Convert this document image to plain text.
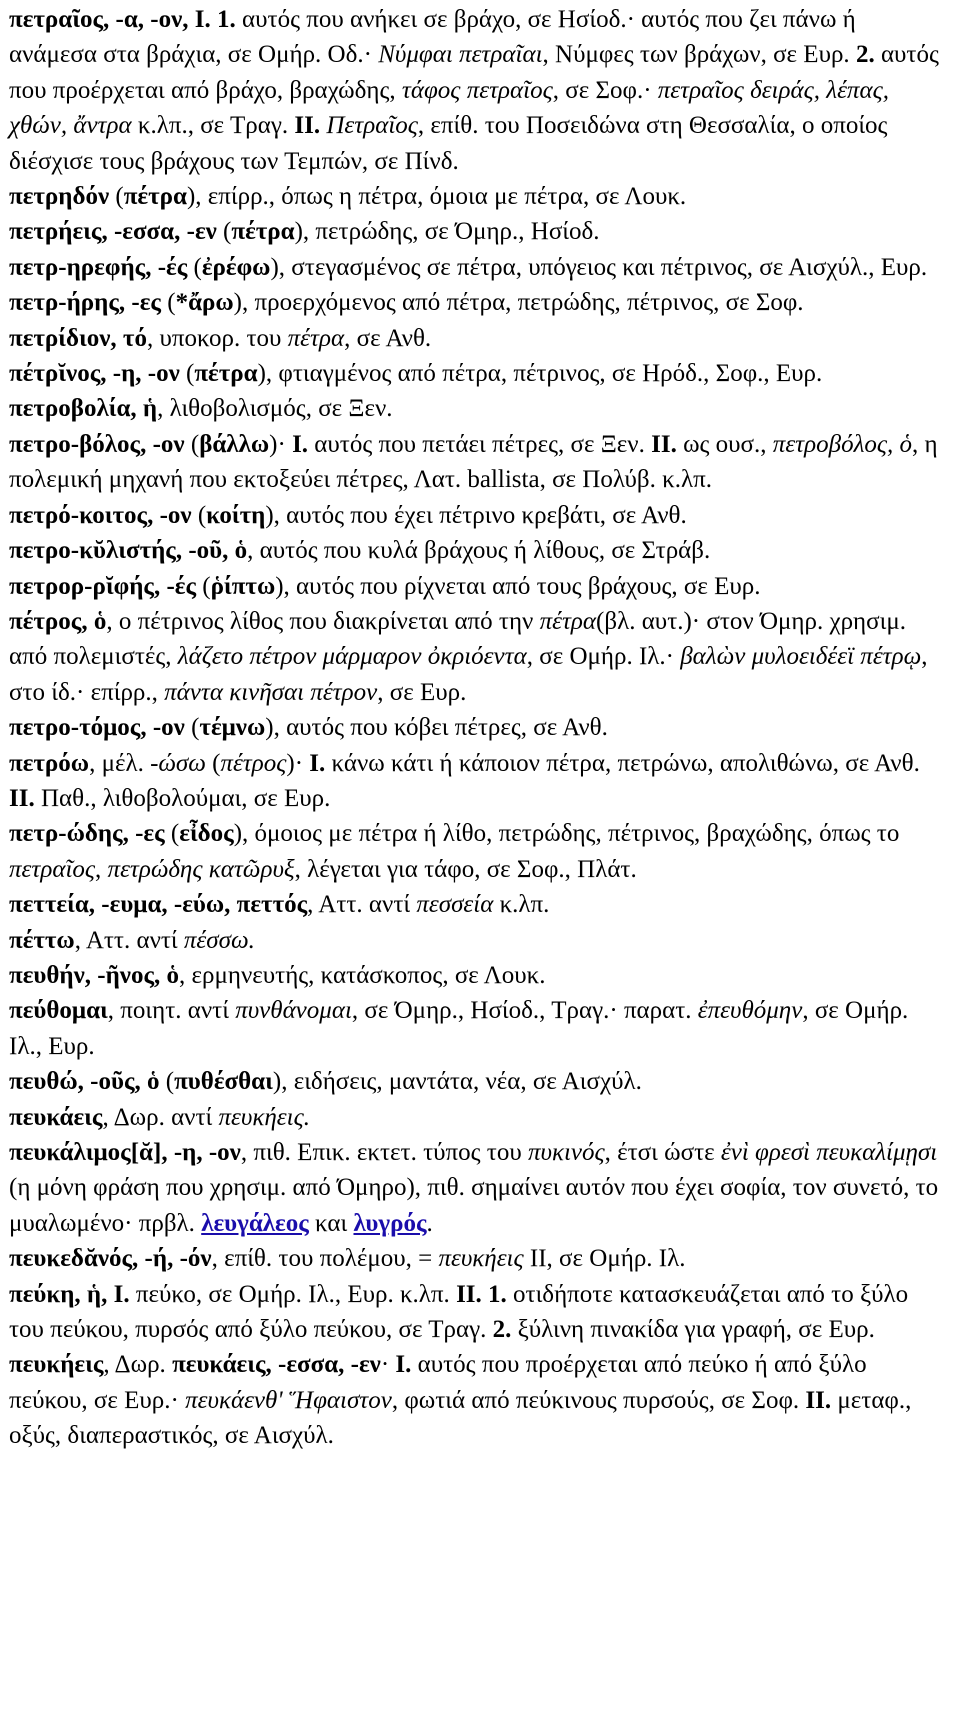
πετραῖος, -α, -ον, I. 1. αυτός που ανήκει σε βράχο, σε Ησίοδ.· αυτός που ζει πάνω ή ανάμεσα στα βράχια, σε Ομήρ. Οδ.· Νύμφαι πετραῖαι, Νύμφες των βράχων, σε Ευρ. 2. αυτός που προέρχεται από βράχο, βραχώδης, τάφος πετραῖος, σε Σοφ.· πετραῖος δειράς, λέπας, χθών, ἄντρα κ.λπ., σε Τραγ. II. Πετραῖος, επίθ. του Ποσειδώνα στη Θεσσαλία, ο οποίος διέσχισε τους βράχους των Τεμπών, σε Πίνδ.

πετρηδόν (πέτρα), επίρρ., όπως η πέτρα, όμοια με πέτρα, σε Λουκ.

πετρήεις, -εσσα, -εν (πέτρα), πετρώδης, σε Όμηρ., Ησίοδ.

πετρ-ηρεφής, -ές (ἐρέφω), στεγασμένος σε πέτρα, υπόγειος και πέτρινος, σε Αισχύλ., Ευρ.

πετρ-ήρης, -ες (*ἄρω), προερχόμενος από πέτρα, πετρώδης, πέτρινος, σε Σοφ.

πετρίδιον, τό, υποκορ. του πέτρα, σε Ανθ.

πέτρῐνος, -η, -ον (πέτρα), φτιαγμένος από πέτρα, πέτρινος, σε Ηρόδ., Σοφ., Ευρ.

πετροβολία, ἡ, λιθοβολισμός, σε Ξεν.

πετρο-βόλος, -ον (βάλλω)· I. αυτός που πετάει πέτρες, σε Ξεν. II. ως ουσ., πετροβόλος, ὁ, η πολεμική μηχανή που εκτοξεύει πέτρες, Λατ. ballista, σε Πολύβ. κ.λπ.

πετρό-κοιτος, -ον (κοίτη), αυτός που έχει πέτρινο κρεβάτι, σε Ανθ.

πετρο-κῠλιστής, -οῦ, ὁ, αυτός που κυλά βράχους ή λίθους, σε Στράβ.

πετρορ-ρῐφής, -ές (ῥίπτω), αυτός που ρίχνεται από τους βράχους, σε Ευρ.

πέτρος, ὁ, ο πέτρινος λίθος που διακρίνεται από την πέτρα(βλ. αυτ.)· στον Όμηρ. χρησιμ. από πολεμιστές, λάζετο πέτρον μάρμαρον ὀκριόεντα, σε Ομήρ. Ιλ.· βαλὼν μυλοειδέεϊ πέτρῳ, στο ίδ.· επίρρ., πάντα κινῆσαι πέτρον, σε Ευρ.

πετρο-τόμος, -ον (τέμνω), αυτός που κόβει πέτρες, σε Ανθ.

πετρόω, μέλ. -ώσω (πέτρος)· I. κάνω κάτι ή κάποιον πέτρα, πετρώνω, απολιθώνω, σε Ανθ. II. Παθ., λιθοβολούμαι, σε Ευρ.

πετρ-ώδης, -ες (εἶδος), όμοιος με πέτρα ή λίθο, πετρώδης, πέτρινος, βραχώδης, όπως το πετραῖος, πετρώδης κατῶρυξ, λέγεται για τάφο, σε Σοφ., Πλάτ.

πεττεία, -ευμα, -εύω, πεττός, Αττ. αντί πεσσεία κ.λπ.

πέττω, Αττ. αντί πέσσω.

πευθήν, -ῆνος, ὁ, ερμηνευτής, κατάσκοπος, σε Λουκ.

πεύθομαι, ποιητ. αντί πυνθάνομαι, σε Όμηρ., Ησίοδ., Τραγ.· παρατ. ἐπευθόμην, σε Ομήρ. Ιλ., Ευρ.

πευθώ, -οῦς, ὁ (πυθέσθαι), ειδήσεις, μαντάτα, νέα, σε Αισχύλ.

πευκάεις, Δωρ. αντί πευκήεις.

πευκάλιμος[ᾰ], -η, -ον, πιθ. Επικ. εκτετ. τύπος του πυκινός, έτσι ώστε ἐνὶ φρεσὶ πευκαλίμῃσι (η μόνη φράση που χρησιμ. από Όμηρο), πιθ. σημαίνει αυτόν που έχει σοφία, τον συνετό, το μυαλωμένο· πρβλ. λευγάλεος και λυγρός.

πευκεδᾰνός, -ή, -όν, επίθ. του πολέμου, = πευκήεις ΙΙ, σε Ομήρ. Ιλ.

πεύκη, ἡ, I. πεύκο, σε Ομήρ. Ιλ., Ευρ. κ.λπ. II. 1. οτιδήποτε κατασκευάζεται από το ξύλο του πεύκου, πυρσός από ξύλο πεύκου, σε Τραγ. 2. ξύλινη πινακίδα για γραφή, σε Ευρ.

πευκήεις, Δωρ. πευκάεις, -εσσα, -εν· I. αυτός που προέρχεται από πεύκο ή από ξύλο πεύκου, σε Ευρ.· πευκάενθ' Ἥφαιστον, φωτιά από πεύκινους πυρσούς, σε Σοφ. II. μεταφ., οξύς, διαπεραστικός, σε Αισχύλ.
